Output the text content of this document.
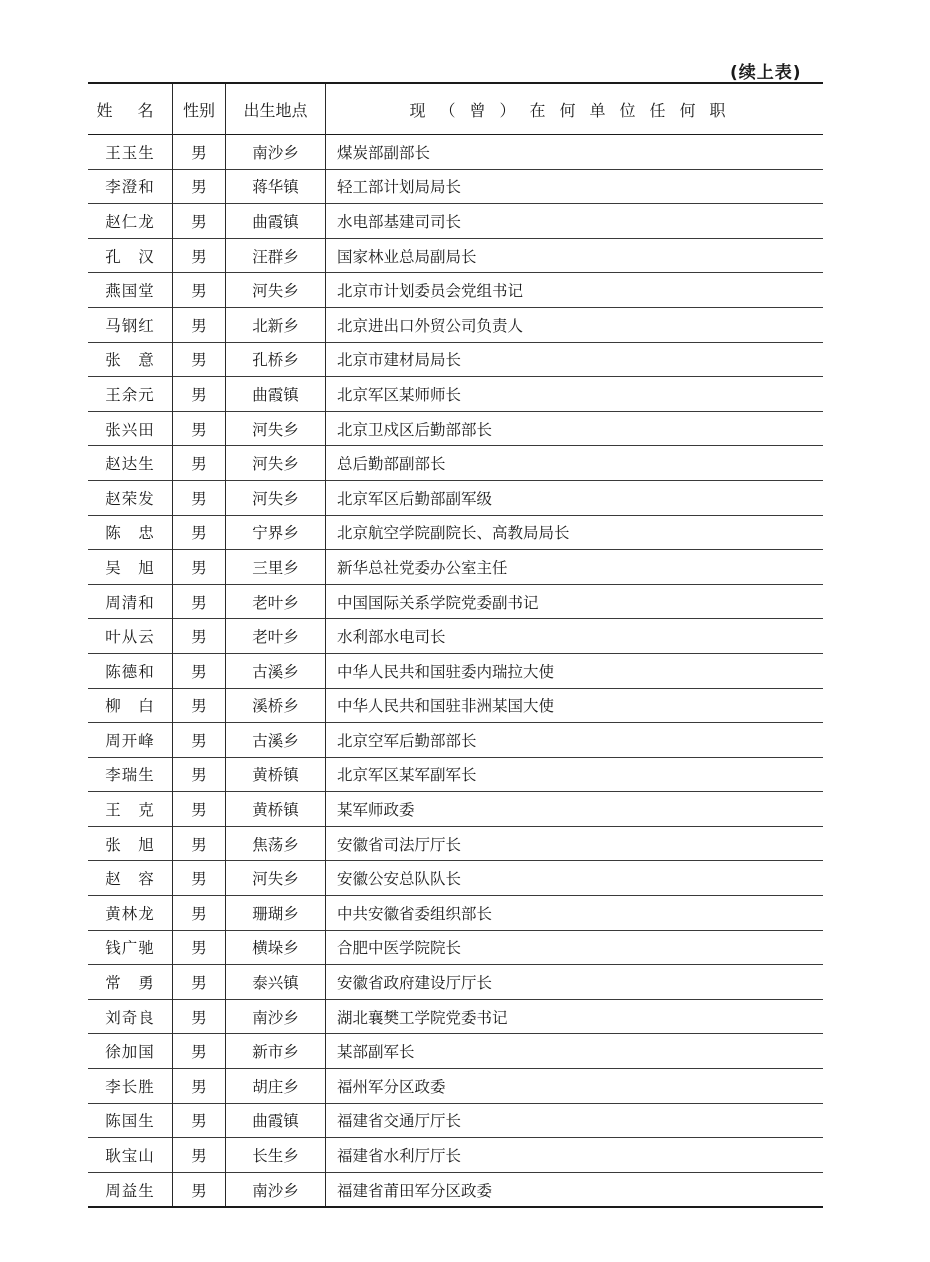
(续上表)
姓 名	性别	出生地点	现（曾）在何单位任何职
王玉生	男	南沙乡	煤炭部副部长
李澄和	男	蒋华镇	轻工部计划局局长
赵仁龙	男	曲霞镇	水电部基建司司长
孔　汉	男	汪群乡	国家林业总局副局长
燕国堂	男	河失乡	北京市计划委员会党组书记
马钢红	男	北新乡	北京进出口外贸公司负责人
张　意	男	孔桥乡	北京市建材局局长
王余元	男	曲霞镇	北京军区某师师长
张兴田	男	河失乡	北京卫戍区后勤部部长
赵达生	男	河失乡	总后勤部副部长
赵荣发	男	河失乡	北京军区后勤部副军级
陈　忠	男	宁界乡	北京航空学院副院长、高教局局长
吴　旭	男	三里乡	新华总社党委办公室主任
周清和	男	老叶乡	中国国际关系学院党委副书记
叶从云	男	老叶乡	水利部水电司长
陈德和	男	古溪乡	中华人民共和国驻委内瑞拉大使
柳　白	男	溪桥乡	中华人民共和国驻非洲某国大使
周开峰	男	古溪乡	北京空军后勤部部长
李瑞生	男	黄桥镇	北京军区某军副军长
王　克	男	黄桥镇	某军师政委
张　旭	男	焦荡乡	安徽省司法厅厅长
赵　容	男	河失乡	安徽公安总队队长
黄林龙	男	珊瑚乡	中共安徽省委组织部长
钱广驰	男	横垛乡	合肥中医学院院长
常　勇	男	泰兴镇	安徽省政府建设厅厅长
刘奇良	男	南沙乡	湖北襄樊工学院党委书记
徐加国	男	新市乡	某部副军长
李长胜	男	胡庄乡	福州军分区政委
陈国生	男	曲霞镇	福建省交通厅厅长
耿宝山	男	长生乡	福建省水利厅厅长
周益生	男	南沙乡	福建省莆田军分区政委
